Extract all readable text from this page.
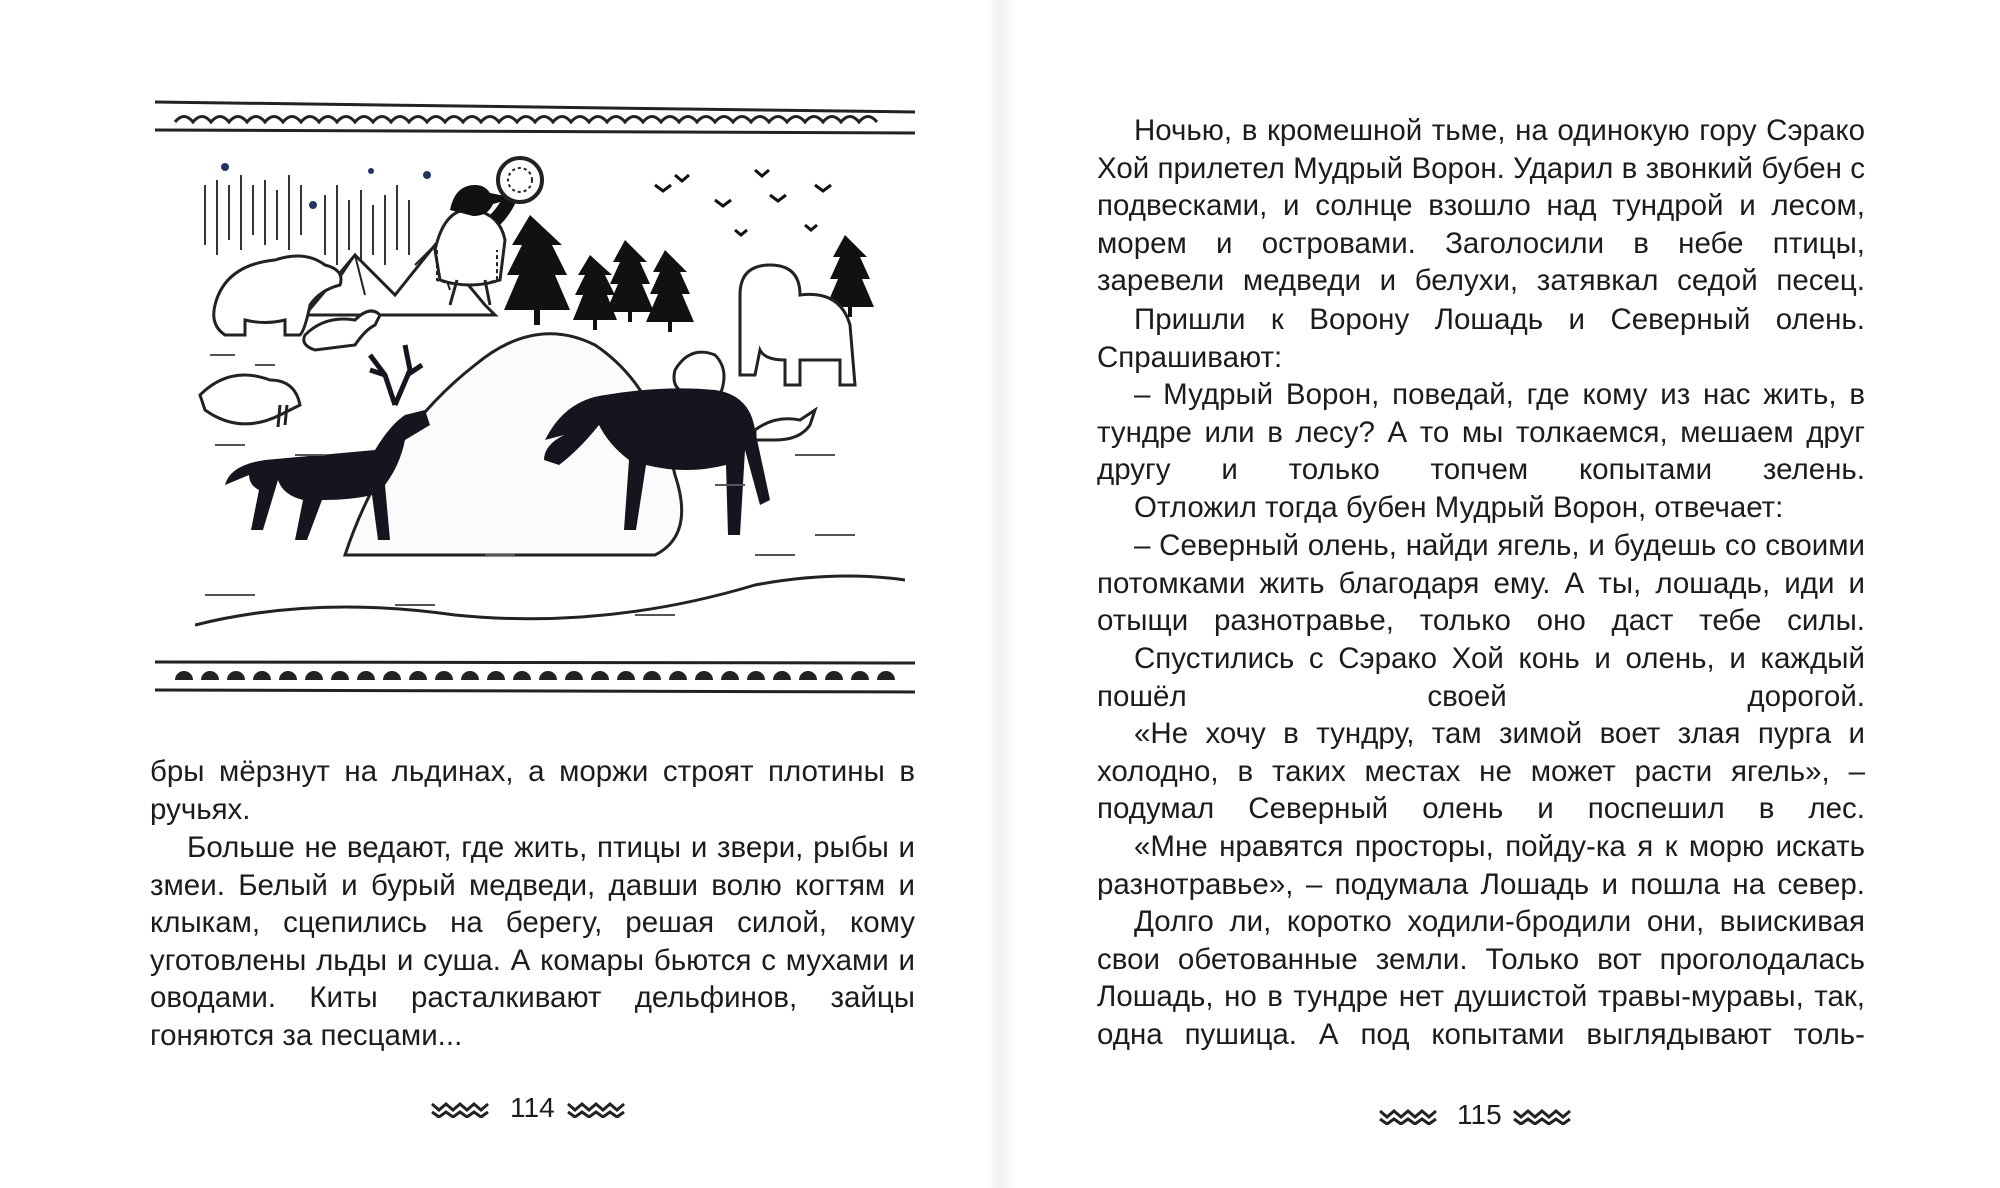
бры мёрзнут на льдинах, а моржи строят плотины в ручьях.

Больше не ведают, где жить, птицы и звери, рыбы и змеи. Белый и бурый медведи, давши волю когтям и клыкам, сцепились на берегу, решая силой, кому уготовлены льды и суша. А комары бьются с мухами и оводами. Киты расталкивают дельфинов, зайцы гоняются за песцами...

114

Ночью, в кромешной тьме, на одинокую гору Сэрако Хой прилетел Мудрый Ворон. Ударил в звонкий бубен с подвесками, и солнце взошло над тундрой и лесом, морем и островами. Заголосили в небе птицы, заревели медведи и белухи, затявкал седой песец.

Пришли к Ворону Лошадь и Северный олень. Спрашивают:

– Мудрый Ворон, поведай, где кому из нас жить, в тундре или в лесу? А то мы толкаемся, мешаем друг другу и только топчем копытами зелень.

Отложил тогда бубен Мудрый Ворон, отвечает:

– Северный олень, найди ягель, и будешь со своими потомками жить благодаря ему. А ты, лошадь, иди и отыщи разнотравье, только оно даст тебе силы.

Спустились с Сэрако Хой конь и олень, и каждый пошёл своей дорогой.

«Не хочу в тундру, там зимой воет злая пурга и холодно, в таких местах не может расти ягель», – подумал Северный олень и поспешил в лес.

«Мне нравятся просторы, пойду-ка я к морю искать разнотравье», – подумала Лошадь и пошла на север.

Долго ли, коротко ходили-бродили они, выискивая свои обетованные земли. Только вот проголодалась Лошадь, но в тундре нет душистой травы-муравы, так, одна пушица. А под копытами выглядывают толь-

115
